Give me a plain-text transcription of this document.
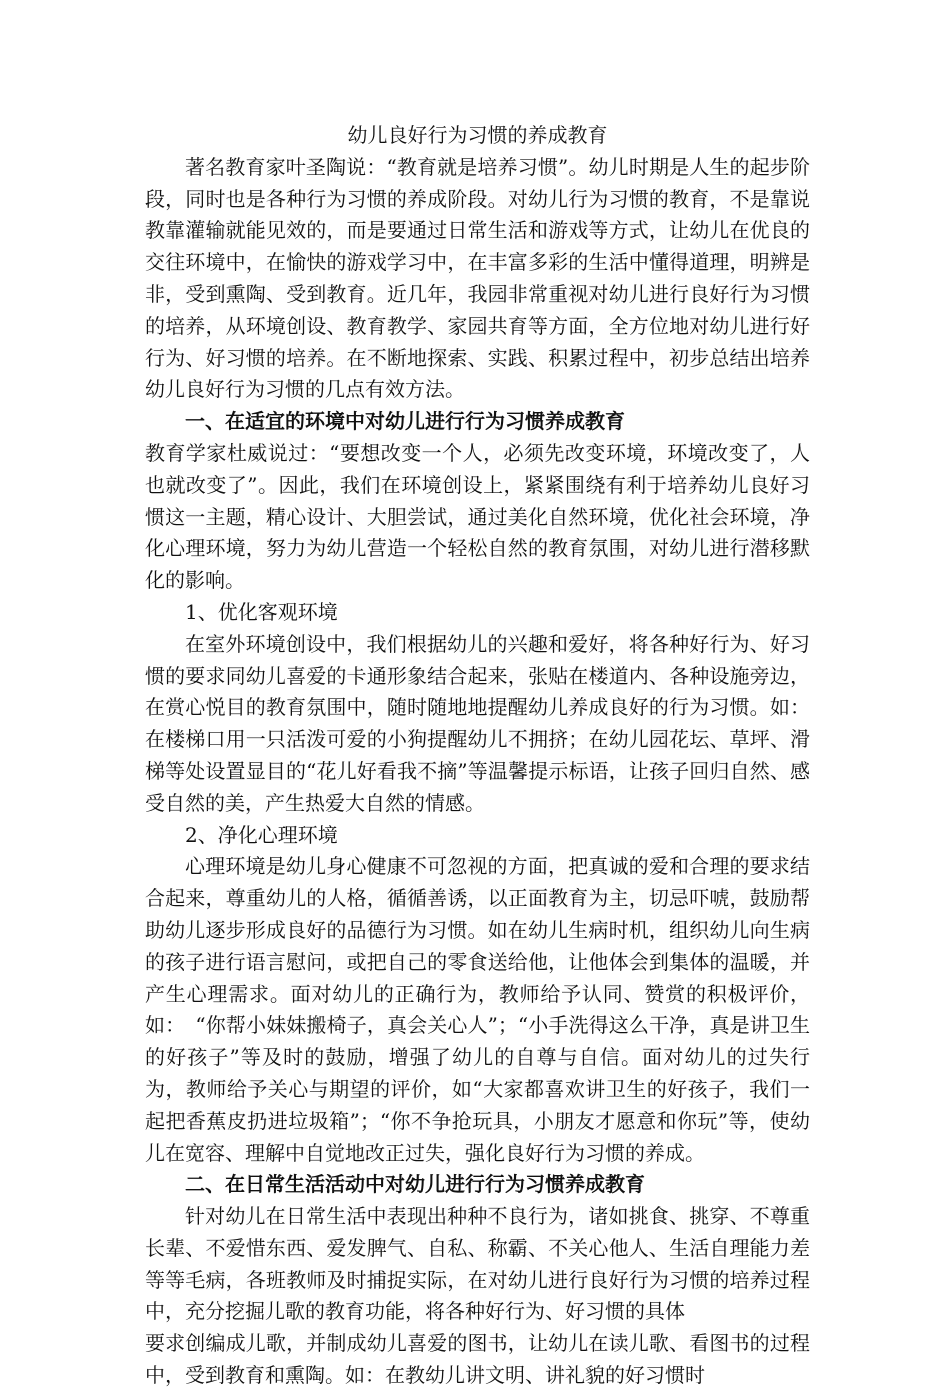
幼儿良好行为习惯的养成教育

著名教育家叶圣陶说：“教育就是培养习惯”。幼儿时期是人生的起步阶段，同时也是各种行为习惯的养成阶段。对幼儿行为习惯的教育，不是靠说教靠灌输就能见效的，而是要通过日常生活和游戏等方式，让幼儿在优良的交往环境中，在愉快的游戏学习中，在丰富多彩的生活中懂得道理，明辨是非，受到熏陶、受到教育。近几年，我园非常重视对幼儿进行良好行为习惯的培养，从环境创设、教育教学、家园共育等方面，全方位地对幼儿进行好行为、好习惯的培养。在不断地探索、实践、积累过程中，初步总结出培养幼儿良好行为习惯的几点有效方法。

一、在适宜的环境中对幼儿进行行为习惯养成教育

教育学家杜威说过：“要想改变一个人，必须先改变环境，环境改变了，人也就改变了”。因此，我们在环境创设上，紧紧围绕有利于培养幼儿良好习惯这一主题，精心设计、大胆尝试，通过美化自然环境，优化社会环境，净化心理环境，努力为幼儿营造一个轻松自然的教育氛围，对幼儿进行潜移默化的影响。

1、优化客观环境

在室外环境创设中，我们根据幼儿的兴趣和爱好，将各种好行为、好习惯的要求同幼儿喜爱的卡通形象结合起来，张贴在楼道内、各种设施旁边，在赏心悦目的教育氛围中，随时随地地提醒幼儿养成良好的行为习惯。如：在楼梯口用一只活泼可爱的小狗提醒幼儿不拥挤；在幼儿园花坛、草坪、滑梯等处设置显目的“花儿好看我不摘”等温馨提示标语，让孩子回归自然、感受自然的美，产生热爱大自然的情感。

2、净化心理环境

心理环境是幼儿身心健康不可忽视的方面，把真诚的爱和合理的要求结合起来，尊重幼儿的人格，循循善诱，以正面教育为主，切忌吓唬，鼓励帮助幼儿逐步形成良好的品德行为习惯。如在幼儿生病时机，组织幼儿向生病的孩子进行语言慰问，或把自己的零食送给他，让他体会到集体的温暖，并产生心理需求。面对幼儿的正确行为，教师给予认同、赞赏的积极评价，如：　“你帮小妹妹搬椅子，真会关心人”；“小手洗得这么干净，真是讲卫生的好孩子”等及时的鼓励，增强了幼儿的自尊与自信。面对幼儿的过失行为，教师给予关心与期望的评价，如“大家都喜欢讲卫生的好孩子，我们一起把香蕉皮扔进垃圾箱”；“你不争抢玩具，小朋友才愿意和你玩”等，使幼儿在宽容、理解中自觉地改正过失，强化良好行为习惯的养成。

二、在日常生活活动中对幼儿进行行为习惯养成教育

针对幼儿在日常生活中表现出种种不良行为，诸如挑食、挑穿、不尊重长辈、不爱惜东西、爱发脾气、自私、称霸、不关心他人、生活自理能力差等等毛病，各班教师及时捕捉实际，在对幼儿进行良好行为习惯的培养过程中，充分挖掘儿歌的教育功能，将各种好行为、好习惯的具体

要求创编成儿歌，并制成幼儿喜爱的图书，让幼儿在读儿歌、看图书的过程中，受到教育和熏陶。如：在教幼儿讲文明、讲礼貌的好习惯时
